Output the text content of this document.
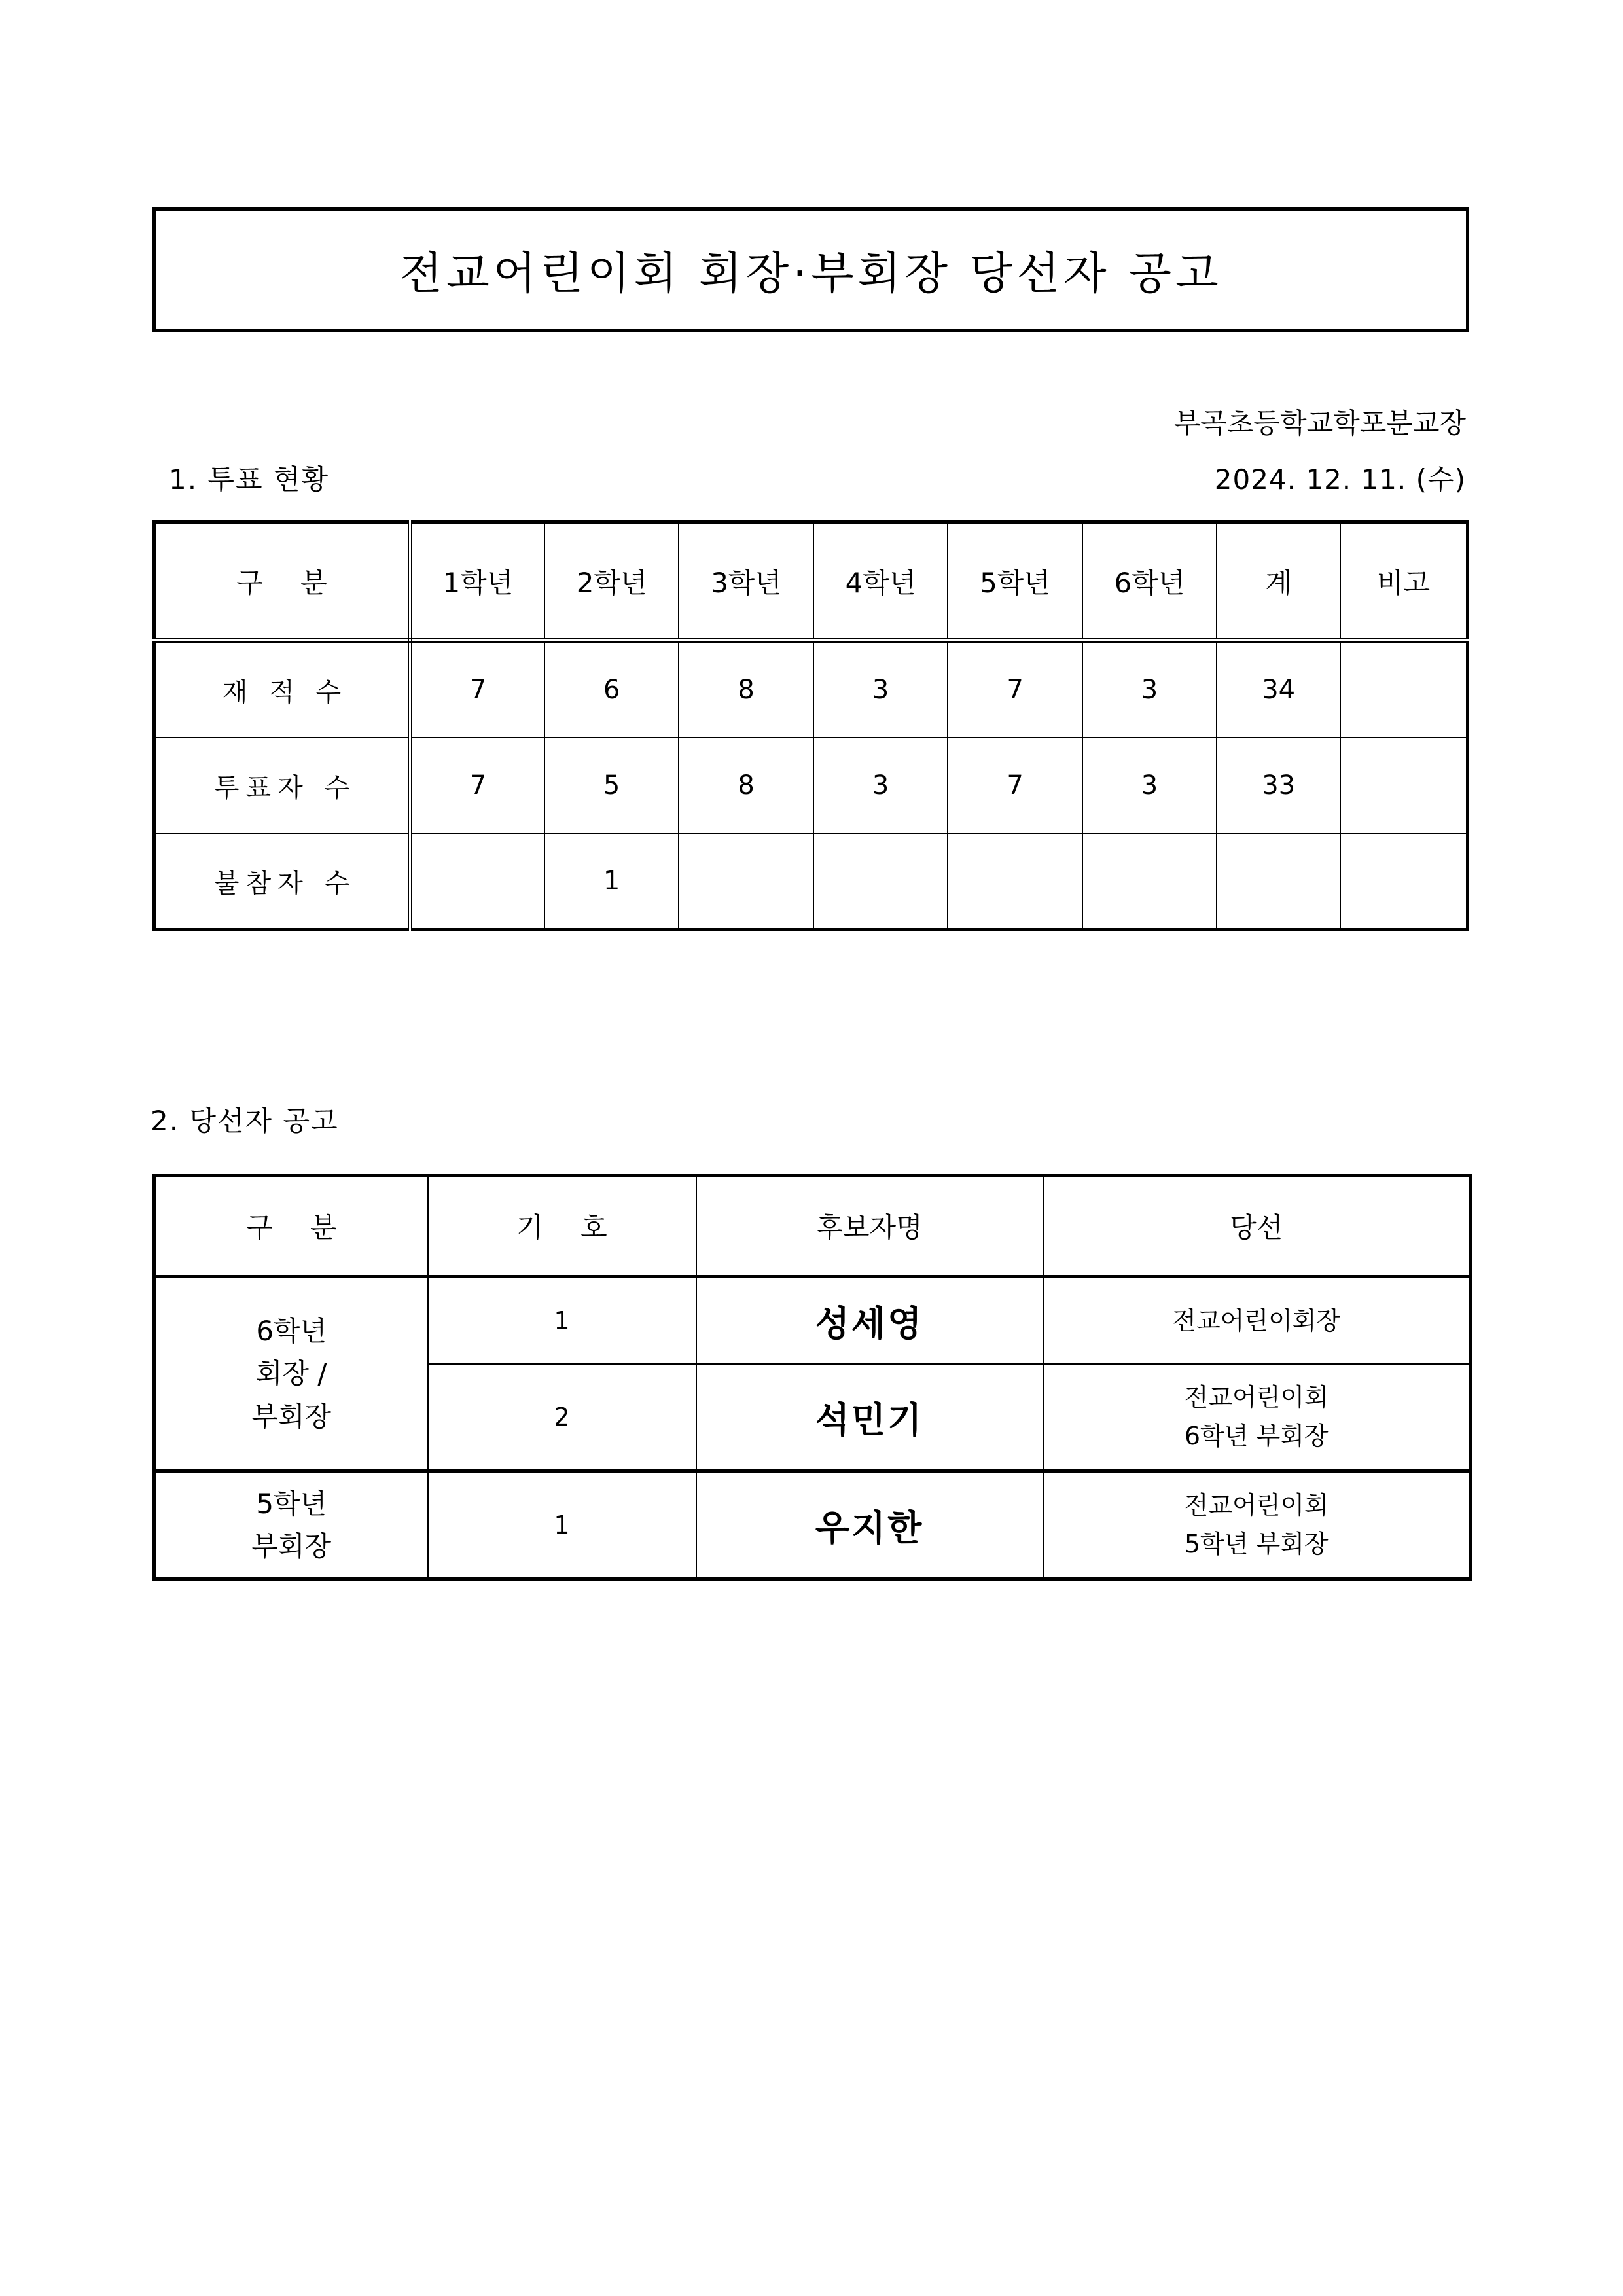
전교어린이회 회장·부회장 당선자 공고
부곡초등학교학포분교장
2024. 12. 11. (수)
1. 투표 현황
구 분	1학년	2학년	3학년	4학년	5학년	6학년	계	비고
재 적 수	7	6	8	3	7	3	34	
투표자 수	7	5	8	3	7	3	33	
불참자 수		1						
2. 당선자 공고
구 분	기 호	후보자명	당선

6학년
회장 /
부회장	1	성세영	전교어린이회장

	2	석민기	전교어린이회
6학년 부회장

5학년
부회장	1	우지한	전교어린이회
5학년 부회장
